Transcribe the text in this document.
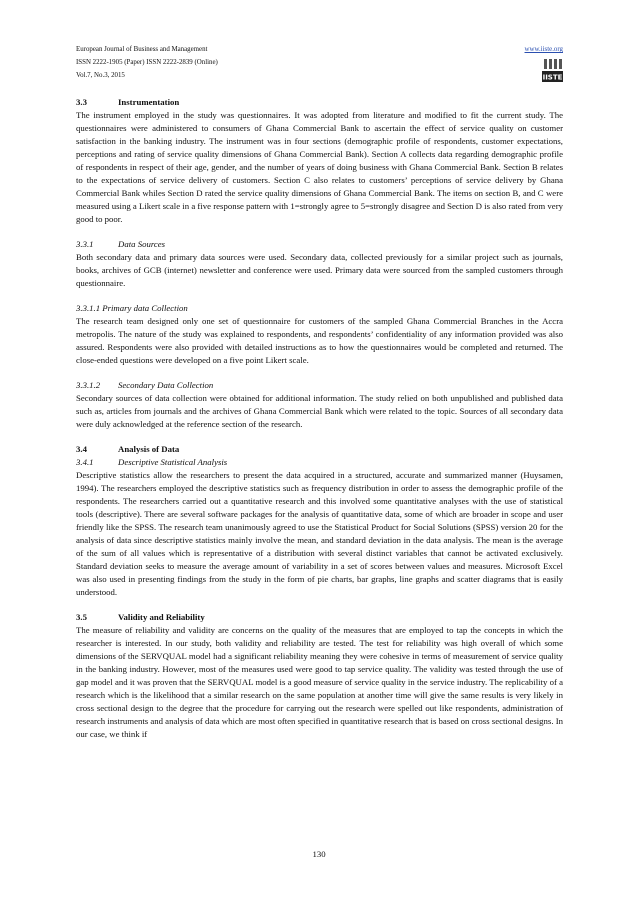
European Journal of Business and Management	www.iiste.org
ISSN 2222-1905 (Paper) ISSN 2222-2839 (Online)
Vol.7, No.3, 2015	IISTE
3.3	Instrumentation

The instrument employed in the study was questionnaires. It was adopted from literature and modified to fit the current study. The questionnaires were administered to consumers of Ghana Commercial Bank to ascertain the effect of service quality on customer satisfaction in the banking industry. The instrument was in four sections (demographic profile of respondents, customer expectations, perceptions and rating of service quality dimensions of Ghana Commercial Bank). Section A collects data regarding demographic profile of respondents in respect of their age, gender, and the number of years of doing business with Ghana Commercial Bank. Section B relates to the expectations of service delivery of customers. Section C also relates to customers’ perceptions of service delivery by Ghana Commercial Bank whiles Section D rated the service quality dimensions of Ghana Commercial Bank. The items on section B, and C were measured using a Likert scale in a five response pattern with 1=strongly agree to 5=strongly disagree and Section D is also rated from very good to poor.

3.3.1	Data Sources

Both secondary data and primary data sources were used. Secondary data, collected previously for a similar project such as journals, books, archives of GCB (internet) newsletter and conference were used. Primary data were sourced from the sampled customers through questionnaire.

3.3.1.1 Primary data Collection

The research team designed only one set of questionnaire for customers of the sampled Ghana Commercial Branches in the Accra metropolis. The nature of the study was explained to respondents, and respondents’ confidentiality of any information provided was also assured. Respondents were also provided with detailed instructions as to how the questionnaires would be completed and returned. The close-ended questions were developed on a five point Likert scale.

3.3.1.2 Secondary Data Collection

Secondary sources of data collection were obtained for additional information. The study relied on both unpublished and published data such as, articles from journals and the archives of Ghana Commercial Bank which were related to the topic. Sources of all secondary data were duly acknowledged at the reference section of the research.

3.4	Analysis of Data
3.4.1	Descriptive Statistical Analysis

Descriptive statistics allow the researchers to present the data acquired in a structured, accurate and summarized manner (Huysamen, 1994). The researchers employed the descriptive statistics such as frequency distribution in order to assess the demographic profile of the respondents. The researchers carried out a quantitative research and this involved some quantitative analyses with the use of statistical tools (descriptive). There are several software packages for the analysis of quantitative data, some of which are broader in scope and user friendly like the SPSS. The research team unanimously agreed to use the Statistical Product for Social Solutions (SPSS) version 20 for the analysis of data since descriptive statistics mainly involve the mean, and standard deviation in the data analysis. The mean is the average of the sum of all values which is representative of a distribution with several distinct variables that cannot be activated exclusively. Standard deviation seeks to measure the average amount of variability in a set of scores between values and measures. Microsoft Excel was also used in presenting findings from the study in the form of pie charts, bar graphs, line graphs and scatter diagrams that is easily understood.

3.5	Validity and Reliability

The measure of reliability and validity are concerns on the quality of the measures that are employed to tap the concepts in which the researcher is interested. In our study, both validity and reliability are tested. The test for reliability was high overall of which some dimensions of the SERVQUAL model had a significant reliability meaning they were cohesive in terms of measurement of service quality in the banking industry. However, most of the measures used were good to tap service quality. The validity was tested through the use of gap model and it was proven that the SERVQUAL model is a good measure of service quality in the service industry. The replicability of a research which is the likelihood that a similar research on the same population at another time will give the same results is very likely in cross sectional design to the degree that the procedure for carrying out the research were spelled out like respondents, administration of research instruments and analysis of data which are most often specified in quantitative research that is based on cross sectional designs. In our case, we think if

130
